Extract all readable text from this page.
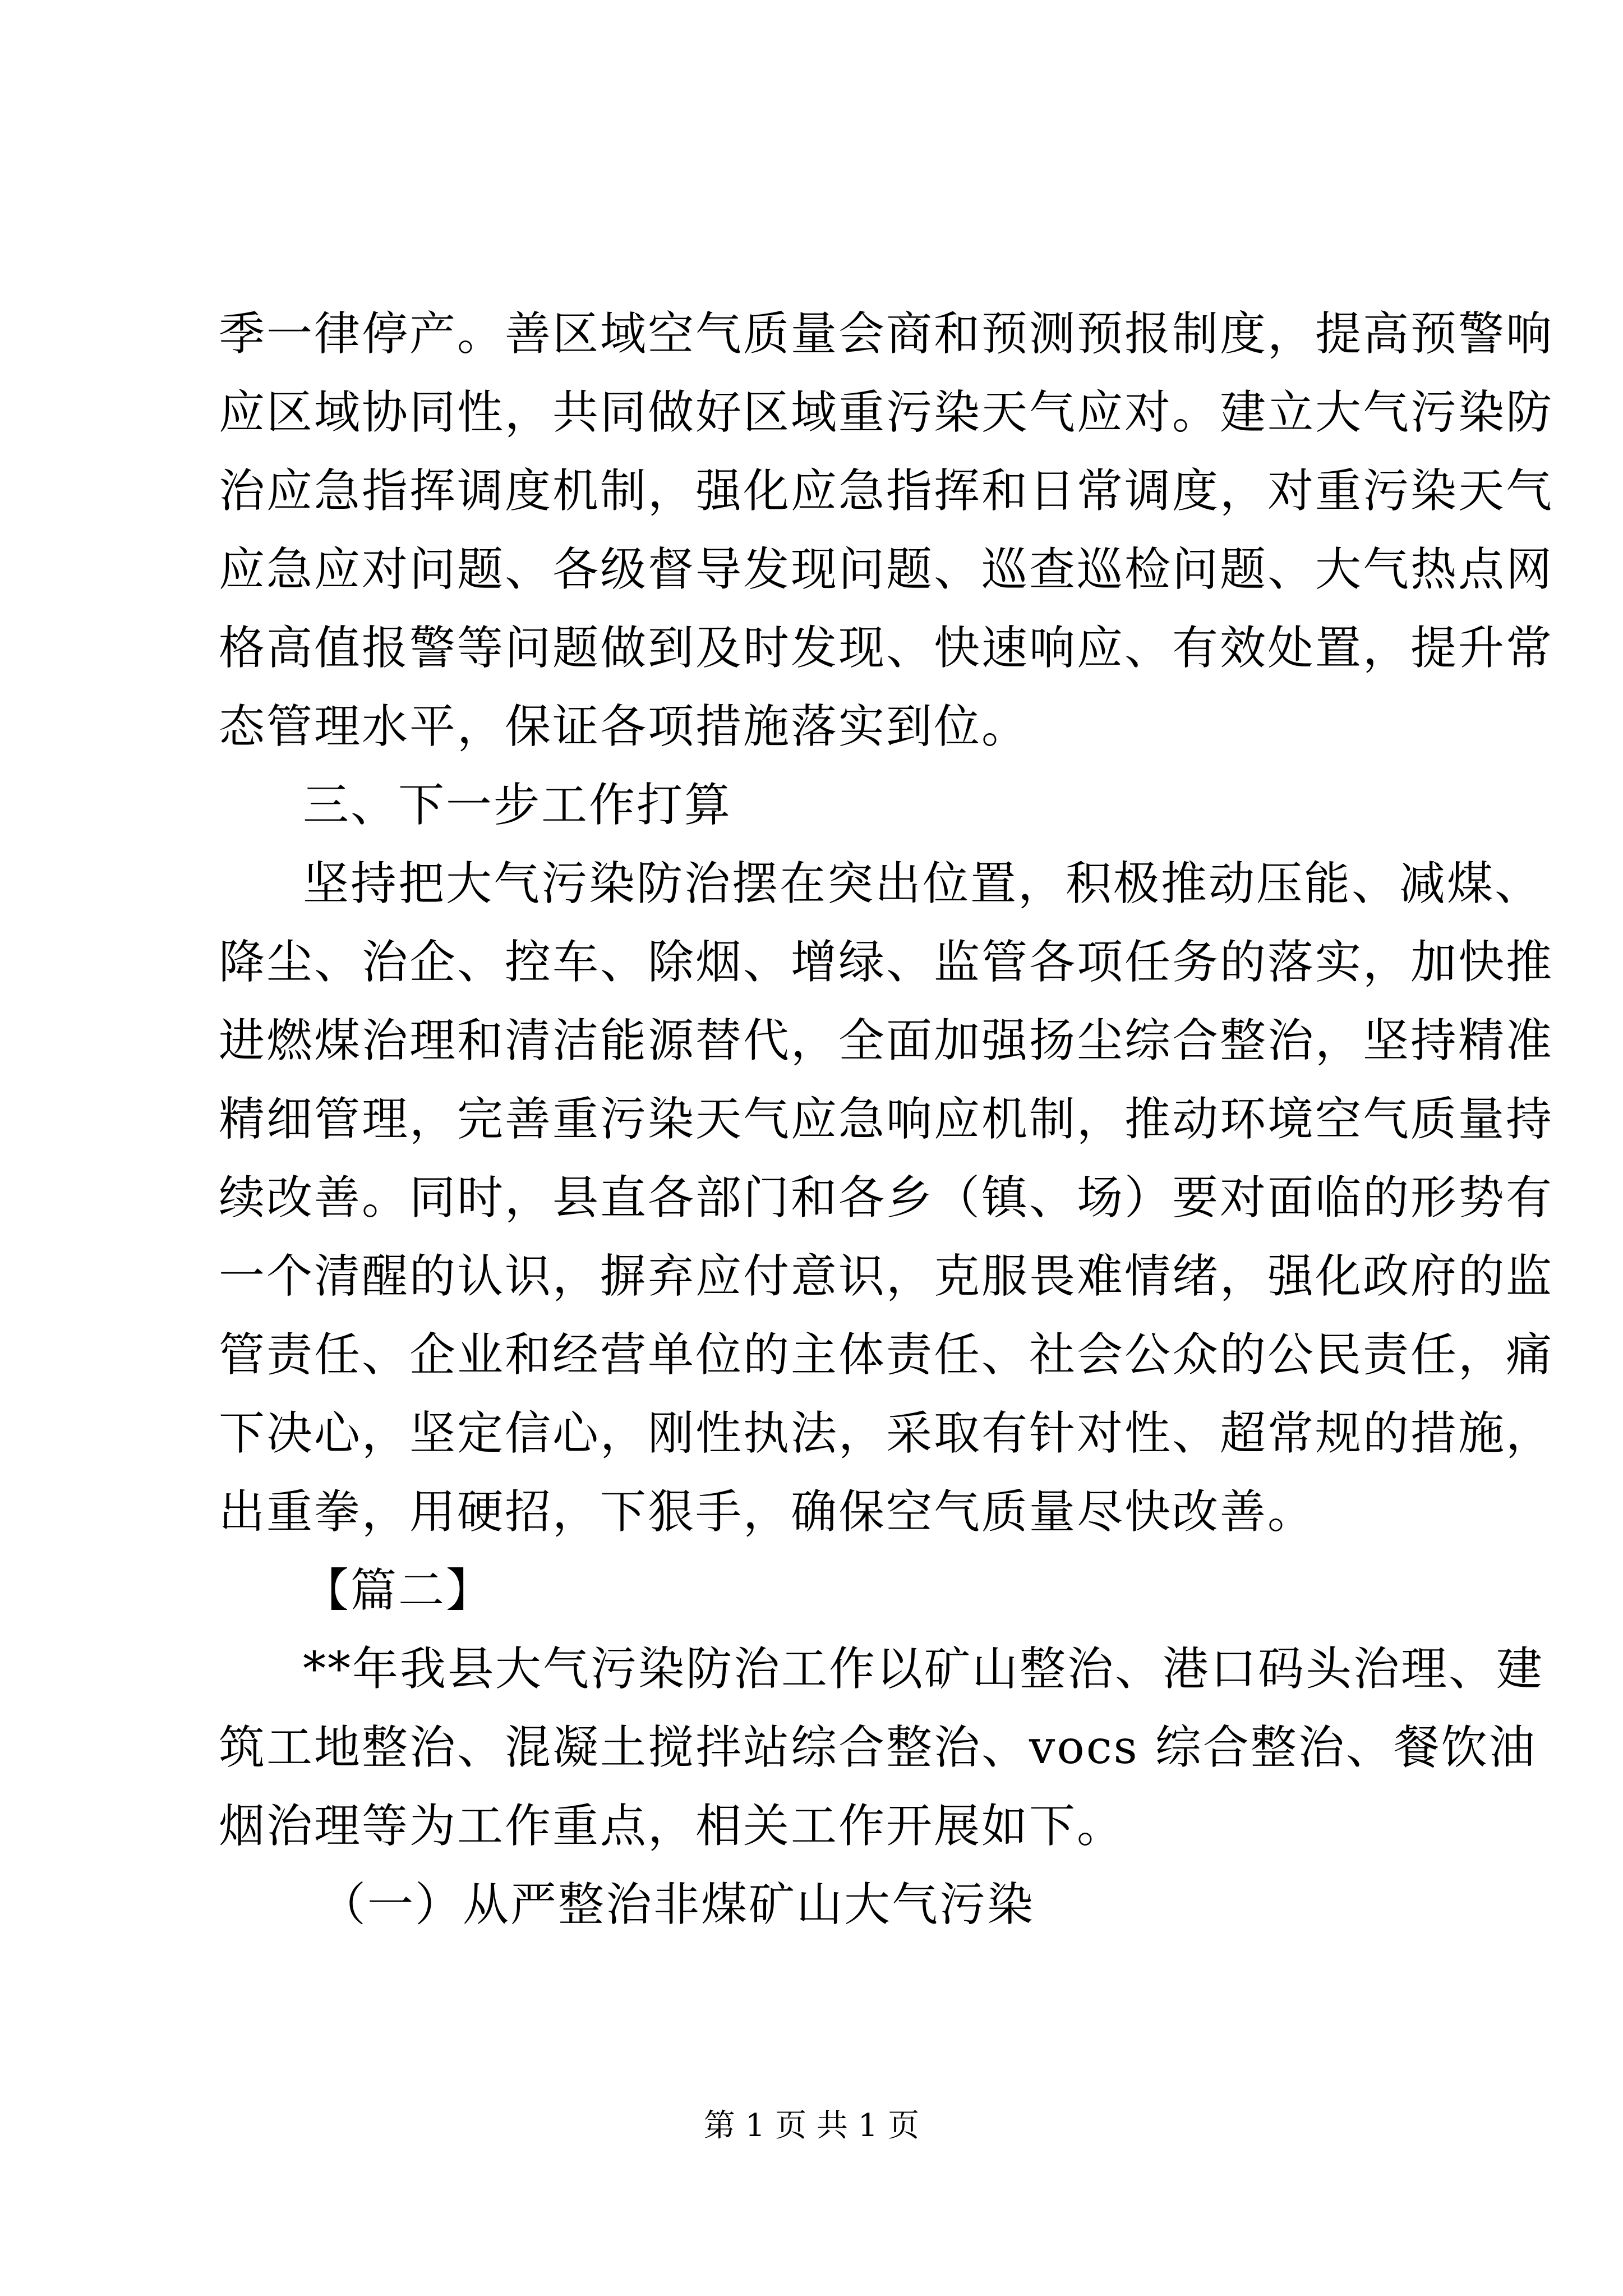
季一律停产。善区域空气质量会商和预测预报制度，提高预警响
应区域协同性，共同做好区域重污染天气应对。建立大气污染防
治应急指挥调度机制，强化应急指挥和日常调度，对重污染天气
应急应对问题、各级督导发现问题、巡查巡检问题、大气热点网
格高值报警等问题做到及时发现、快速响应、有效处置，提升常
态管理水平，保证各项措施落实到位。
三、下一步工作打算
坚持把大气污染防治摆在突出位置，积极推动压能、减煤、
降尘、治企、控车、除烟、增绿、监管各项任务的落实，加快推
进燃煤治理和清洁能源替代，全面加强扬尘综合整治，坚持精准
精细管理，完善重污染天气应急响应机制，推动环境空气质量持
续改善。同时，县直各部门和各乡（镇、场）要对面临的形势有
一个清醒的认识，摒弃应付意识，克服畏难情绪，强化政府的监
管责任、企业和经营单位的主体责任、社会公众的公民责任，痛
下决心，坚定信心，刚性执法，采取有针对性、超常规的措施，
出重拳，用硬招，下狠手，确保空气质量尽快改善。
【篇二】
**年我县大气污染防治工作以矿山整治、港口码头治理、建
筑工地整治、混凝土搅拌站综合整治、vocs 综合整治、餐饮油
烟治理等为工作重点，相关工作开展如下。
（一）从严整治非煤矿山大气污染
第 1 页 共 1 页
